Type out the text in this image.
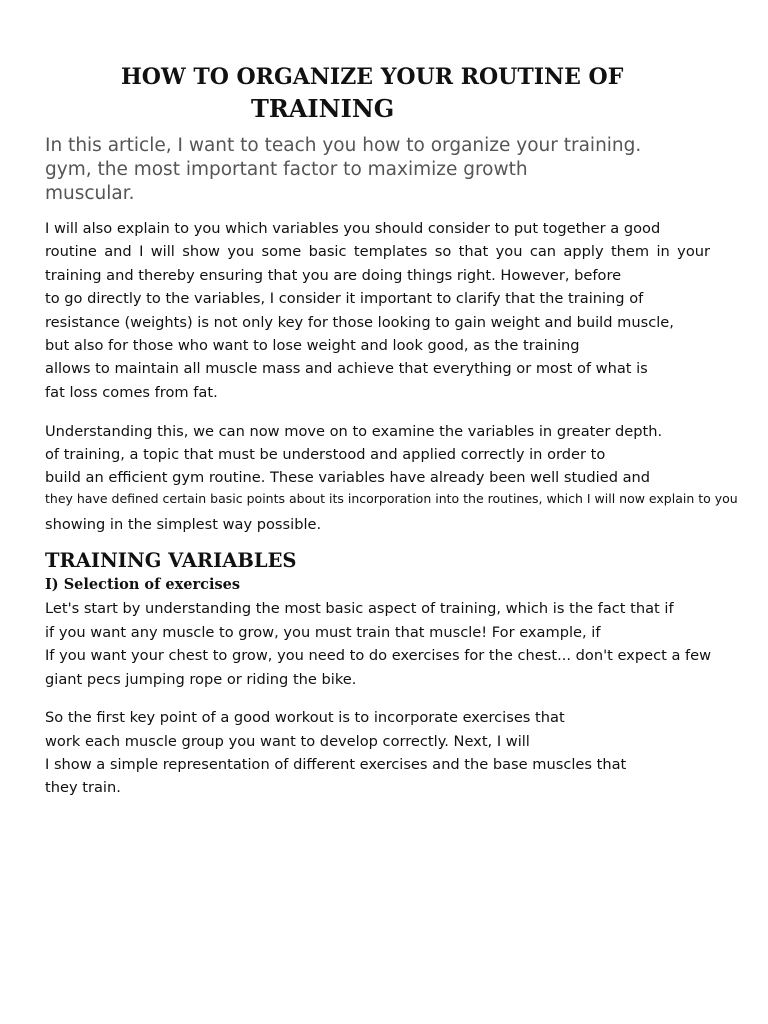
HOW TO ORGANIZE YOUR ROUTINE OF
TRAINING
In this article, I want to teach you how to organize your training.
gym, the most important factor to maximize growth
muscular.
I will also explain to you which variables you should consider to put together a good
routine and I will show you some basic templates so that you can apply them in your
training and thereby ensuring that you are doing things right. However, before
to go directly to the variables, I consider it important to clarify that the training of
resistance (weights) is not only key for those looking to gain weight and build muscle,
but also for those who want to lose weight and look good, as the training
allows to maintain all muscle mass and achieve that everything or most of what is
fat loss comes from fat.
Understanding this, we can now move on to examine the variables in greater depth.
of training, a topic that must be understood and applied correctly in order to
build an efficient gym routine. These variables have already been well studied and
they have defined certain basic points about its incorporation into the routines, which I will now explain to you
showing in the simplest way possible.
TRAINING VARIABLES
I) Selection of exercises
Let's start by understanding the most basic aspect of training, which is the fact that if
if you want any muscle to grow, you must train that muscle! For example, if
If you want your chest to grow, you need to do exercises for the chest... don't expect a few
giant pecs jumping rope or riding the bike.
So the first key point of a good workout is to incorporate exercises that
work each muscle group you want to develop correctly. Next, I will
I show a simple representation of different exercises and the base muscles that
they train.
